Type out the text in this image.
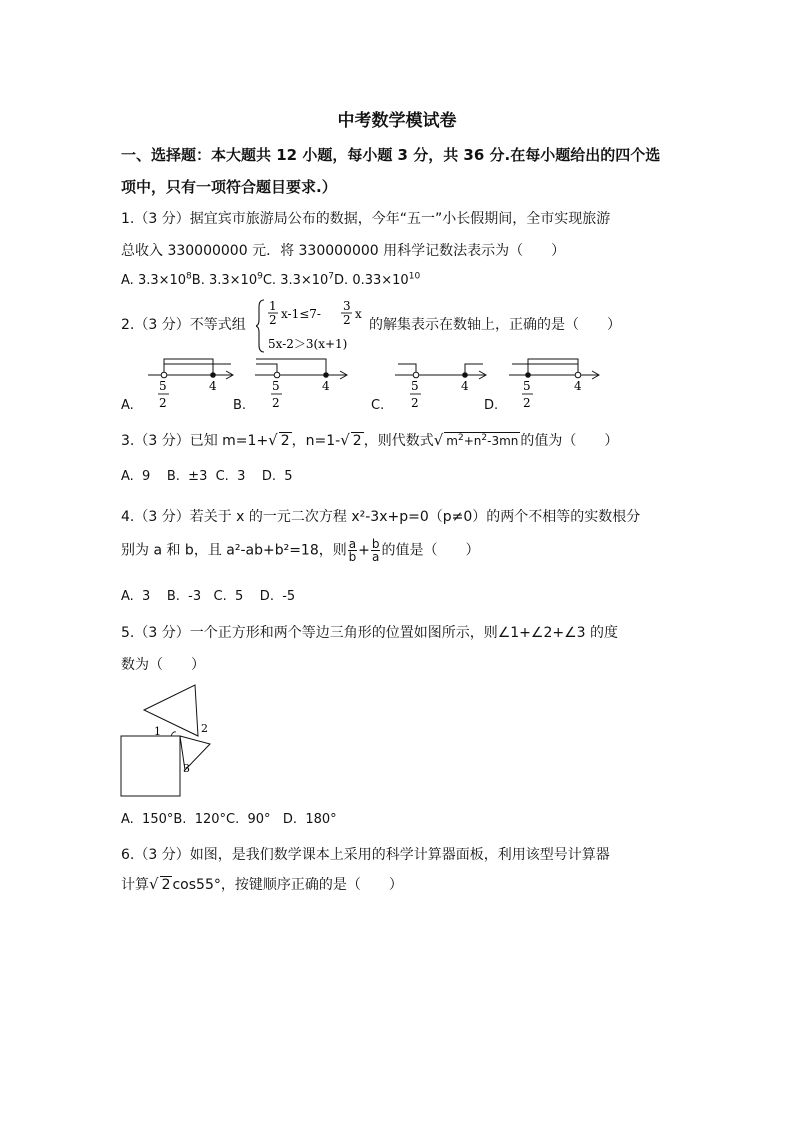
中考数学模试卷
一、选择题：本大题共 12 小题，每小题 3 分，共 36 分.在每小题给出的四个选
项中，只有一项符合题目要求.）
1.（3 分）据宜宾市旅游局公布的数据，今年“五一”小长假期间，全市实现旅游
总收入 330000000 元．将 330000000 用科学记数法表示为（　　）
A. $3.3\times 10^8B$. $3.3\times 10^9C$. $3.3\times 10^7D$. $0.33\times 10^{10}$
2.（3 分）不等式组
1
2 x-1≤7-
3
2 x
5x-2＞3(x+1)
的解集表示在数轴上，正确的是（　　）
5
2
4	5
2
4	5
2
4	5
2
4
A.	B.	C.	D.
3.（3 分）已知 m=1+√ 2 ，n=1-√ 2 ，则代数式√ $m^2+n^2-3mn$ 的值为（　　）
A.  9    B.  ±3  C.  3    D.  5
4.（3 分）若关于 x 的一元二次方程 x²-3x+p=0（p≠0）的两个不相等的实数根分
别为 a 和 b，且 a²-ab+b²=18，则 $\frac{a}{b} + \frac{b}{a}$ 的值是（　　）
A.  3    B.  -3   C.  5    D.  -5
5.（3 分）一个正方形和两个等边三角形的位置如图所示，则∠1+∠2+∠3 的度
数为（　　）
1	2
3
A.  150°B.  120°C.  90°   D.  180°
6.（3 分）如图，是我们数学课本上采用的科学计算器面板，利用该型号计算器
计算√ 2 cos55°，按键顺序正确的是（　　）
